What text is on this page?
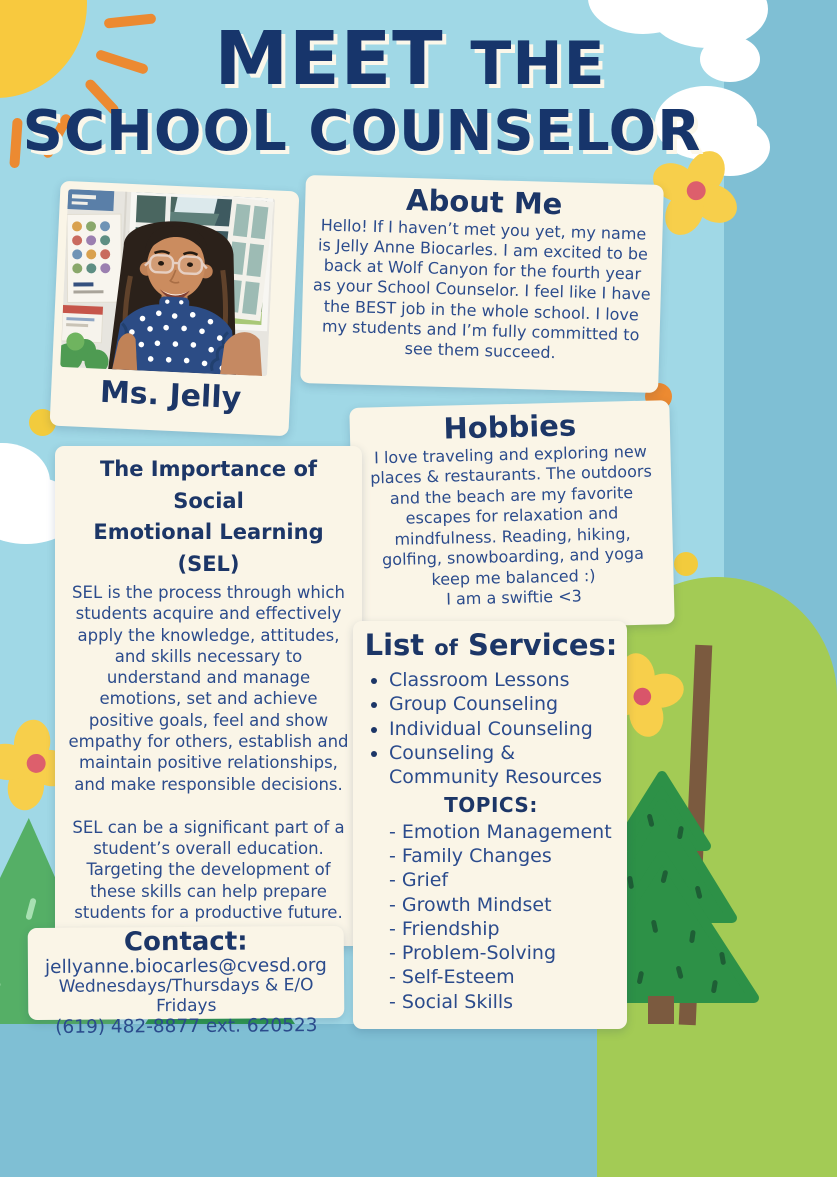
MEET THE
SCHOOL COUNSELOR
Ms. Jelly
About Me
Hello! If I haven’t met you yet, my name is Jelly Anne Biocarles. I am excited to be back at Wolf Canyon for the fourth year as your School Counselor. I feel like I have the BEST job in the whole school. I love my students and I’m fully committed to see them succeed.
Hobbies
I love traveling and exploring new places & restaurants. The outdoors and the beach are my favorite escapes for relaxation and mindfulness. Reading, hiking, golfing, snowboarding, and yoga keep me balanced :)
I am a swiftie <3
The Importance of Social
Emotional Learning (SEL)
SEL is the process through which students acquire and effectively apply the knowledge, attitudes, and skills necessary to understand and manage emotions, set and achieve positive goals, feel and show empathy for others, establish and maintain positive relationships, and make responsible decisions.
SEL can be a significant part of a student’s overall education. Targeting the development of these skills can help prepare students for a productive future.
List of Services:
• Classroom Lessons
• Group Counseling
• Individual Counseling
• Counseling & Community Resources
TOPICS:
- Emotion Management
- Family Changes
- Grief
- Growth Mindset
- Friendship
- Problem-Solving
- Self-Esteem
- Social Skills
Contact:
jellyanne.biocarles@cvesd.org
Wednesdays/Thursdays & E/O Fridays
(619) 482-8877 ext. 620523
